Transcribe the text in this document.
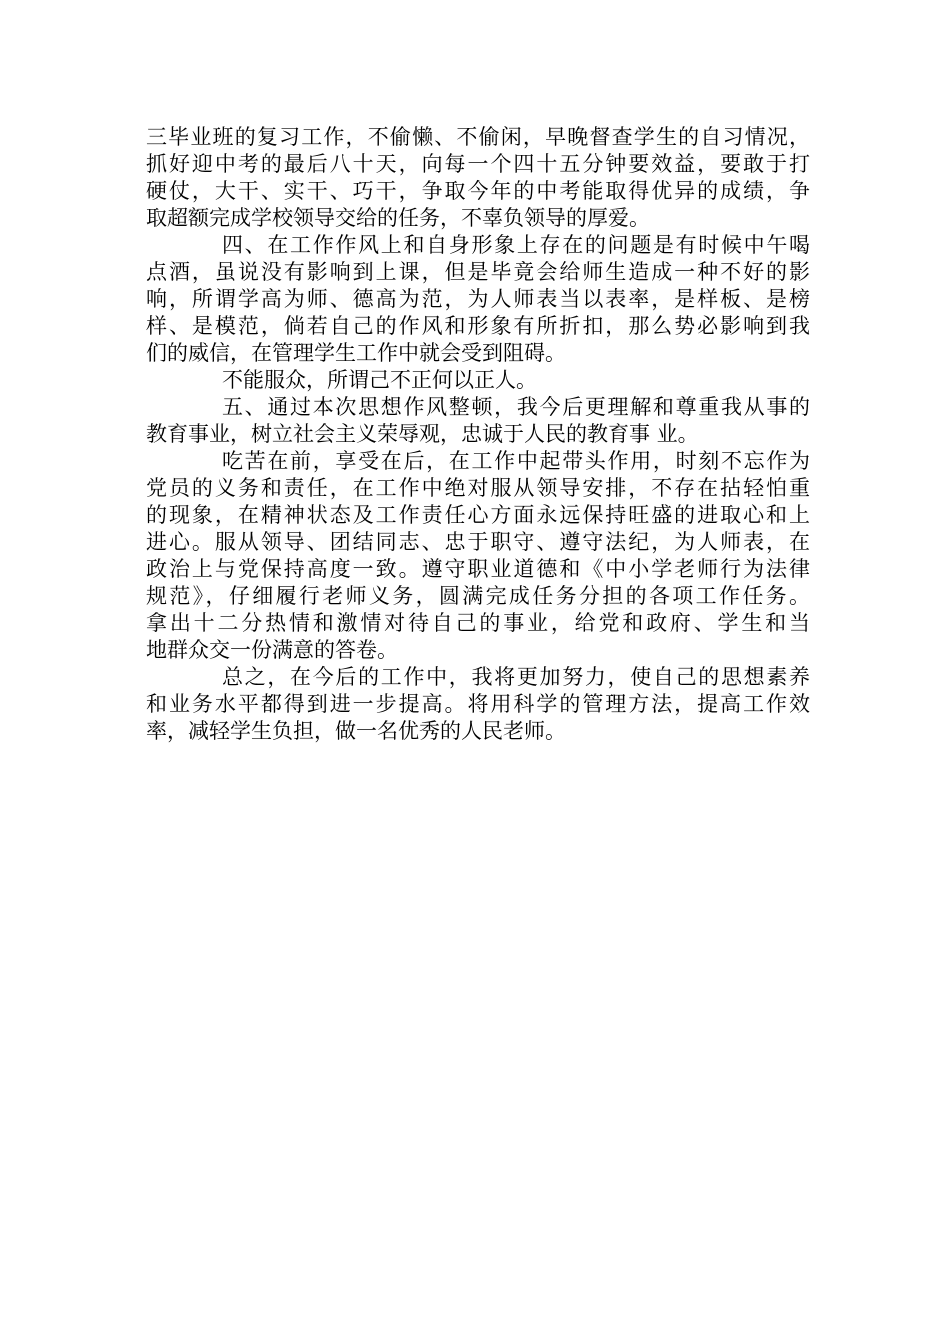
三毕业班的复习工作，不偷懒、不偷闲，早晚督查学生的自习情况，
抓好迎中考的最后八十天，向每一个四十五分钟要效益，要敢于打
硬仗，大干、实干、巧干，争取今年的中考能取得优异的成绩，争
取超额完成学校领导交给的任务，不辜负领导的厚爱。
四、在工作作风上和自身形象上存在的问题是有时候中午喝
点酒，虽说没有影响到上课，但是毕竟会给师生造成一种不好的影
响，所谓学高为师、德高为范，为人师表当以表率，是样板、是榜
样、是模范，倘若自己的作风和形象有所折扣，那么势必影响到我
们的威信，在管理学生工作中就会受到阻碍。
不能服众，所谓己不正何以正人。
五、通过本次思想作风整顿，我今后更理解和尊重我从事的
教育事业，树立社会主义荣辱观，忠诚于人民的教育事 业。
吃苦在前，享受在后，在工作中起带头作用，时刻不忘作为
党员的义务和责任，在工作中绝对服从领导安排，不存在拈轻怕重
的现象，在精神状态及工作责任心方面永远保持旺盛的进取心和上
进心。服从领导、团结同志、忠于职守、遵守法纪，为人师表，在
政治上与党保持高度一致。遵守职业道德和《中小学老师行为法律
规范》，仔细履行老师义务，圆满完成任务分担的各项工作任务。
拿出十二分热情和激情对待自己的事业，给党和政府、学生和当
地群众交一份满意的答卷。
总之，在今后的工作中，我将更加努力，使自己的思想素养
和业务水平都得到进一步提高。将用科学的管理方法，提高工作效
率，减轻学生负担，做一名优秀的人民老师。
